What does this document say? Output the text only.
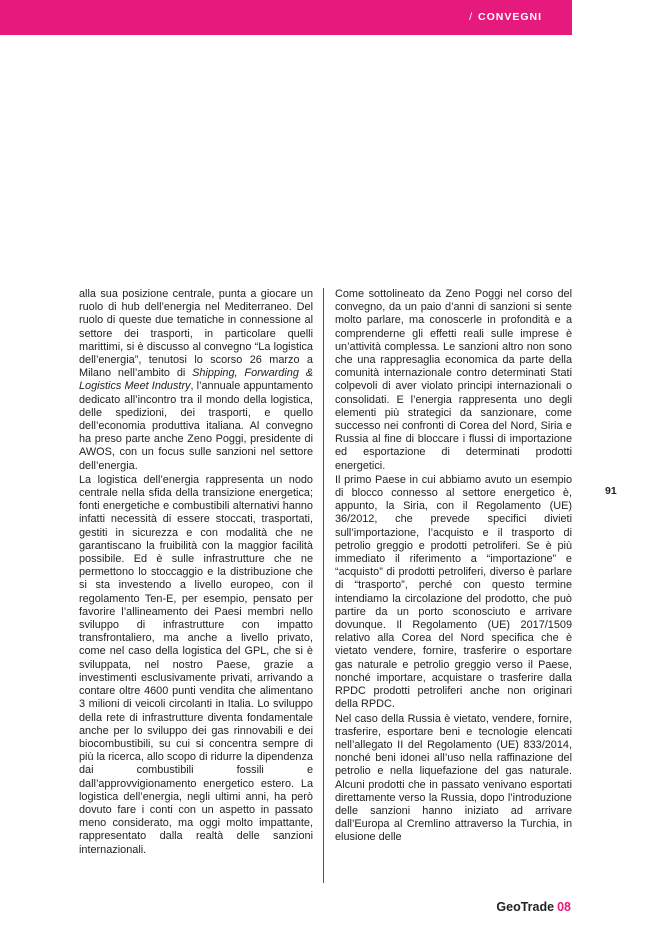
/ CONVEGNI

alla sua posizione centrale, punta a giocare un ruolo di hub dell’energia nel Mediterraneo. Del ruolo di queste due tematiche in connessione al settore dei trasporti, in particolare quelli marittimi, si è discusso al convegno “La logistica dell’energia”, tenutosi lo scorso 26 marzo a Milano nell’ambito di Shipping, Forwarding & Logistics Meet Industry, l’annuale appuntamento dedicato all’incontro tra il mondo della logistica, delle spedizioni, dei trasporti, e quello dell’economia produttiva italiana. Al convegno ha preso parte anche Zeno Poggi, presidente di AWOS, con un focus sulle sanzioni nel settore dell’energia.

La logistica dell’energia rappresenta un nodo centrale nella sfida della transizione energetica; fonti energetiche e combustibili alternativi hanno infatti necessità di essere stoccati, trasportati, gestiti in sicurezza e con modalità che ne garantiscano la fruibilità con la maggior facilità possibile. Ed è sulle infrastrutture che ne permettono lo stoccaggio e la distribuzione che si sta investendo a livello europeo, con il regolamento Ten-E, per esempio, pensato per favorire l’allineamento dei Paesi membri nello sviluppo di infrastrutture con impatto transfrontaliero, ma anche a livello privato, come nel caso della logistica del GPL, che si è sviluppata, nel nostro Paese, grazie a investimenti esclusivamente privati, arrivando a contare oltre 4600 punti vendita che alimentano 3 milioni di veicoli circolanti in Italia. Lo sviluppo della rete di infrastrutture diventa fondamentale anche per lo sviluppo dei gas rinnovabili e dei biocombustibili, su cui si concentra sempre di più la ricerca, allo scopo di ridurre la dipendenza dai combustibili fossili e dall’approvvigionamento energetico estero. La logistica dell’energia, negli ultimi anni, ha però dovuto fare i conti con un aspetto in passato meno considerato, ma oggi molto impattante, rappresentato dalla realtà delle sanzioni internazionali.

Come sottolineato da Zeno Poggi nel corso del convegno, da un paio d’anni di sanzioni si sente molto parlare, ma conoscerle in profondità e a comprenderne gli effetti reali sulle imprese è un’attività complessa. Le sanzioni altro non sono che una rappresaglia economica da parte della comunità internazionale contro determinati Stati colpevoli di aver violato principi internazionali o consolidati. E l’energia rappresenta uno degli elementi più strategici da sanzionare, come successo nei confronti di Corea del Nord, Siria e Russia al fine di bloccare i flussi di importazione ed esportazione di determinati prodotti energetici.

Il primo Paese in cui abbiamo avuto un esempio di blocco connesso al settore energetico è, appunto, la Siria, con il Regolamento (UE) 36/2012, che prevede specifici divieti sull’importazione, l’acquisto e il trasporto di petrolio greggio e prodotti petroliferi. Se è più immediato il riferimento a “importazione” e “acquisto” di prodotti petroliferi, diverso è parlare di “trasporto”, perché con questo termine intendiamo la circolazione del prodotto, che può partire da un porto sconosciuto e arrivare dovunque. Il Regolamento (UE) 2017/1509 relativo alla Corea del Nord specifica che è vietato vendere, fornire, trasferire o esportare gas naturale e petrolio greggio verso il Paese, nonché importare, acquistare o trasferire dalla RPDC prodotti petroliferi anche non originari della RPDC.

Nel caso della Russia è vietato, vendere, fornire, trasferire, esportare beni e tecnologie elencati nell’allegato II del Regolamento (UE) 833/2014, nonché beni idonei all’uso nella raffinazione del petrolio e nella liquefazione del gas naturale. Alcuni prodotti che in passato venivano esportati direttamente verso la Russia, dopo l’introduzione delle sanzioni hanno iniziato ad arrivare dall’Europa al Cremlino attraverso la Turchia, in elusione delle

91
GeoTrade 08
